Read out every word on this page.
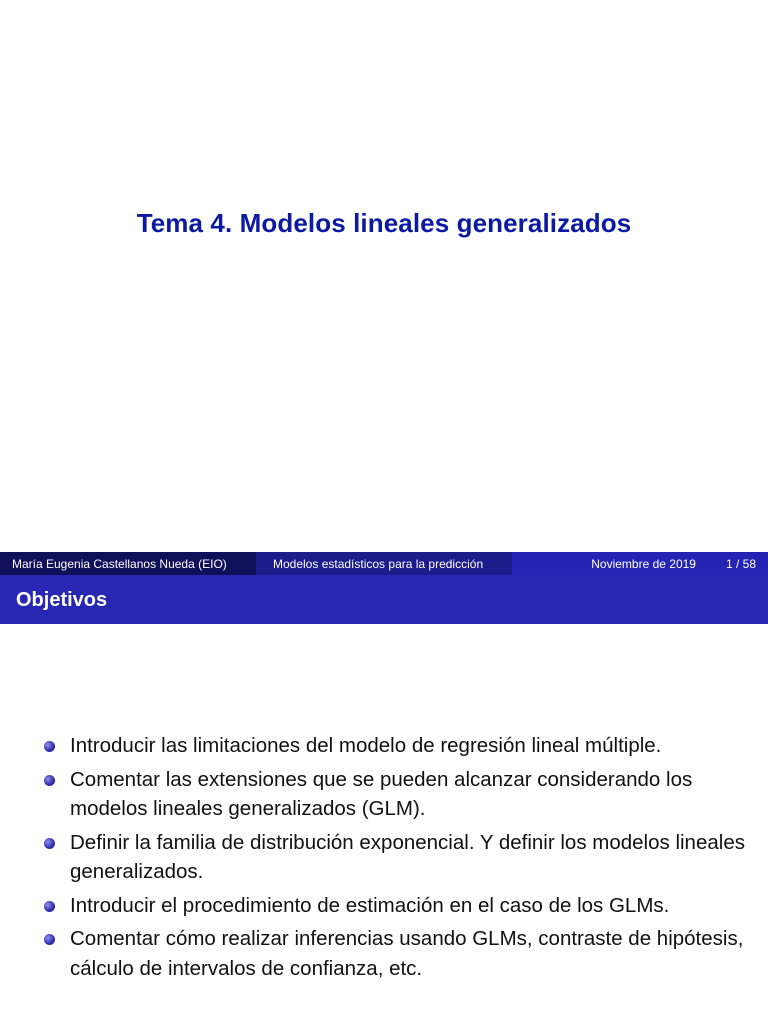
Tema 4. Modelos lineales generalizados
María Eugenia Castellanos Nueda (EIO)	Modelos estadísticos para la predicción	Noviembre de 2019	1 / 58
Objetivos
Introducir las limitaciones del modelo de regresión lineal múltiple.
Comentar las extensiones que se pueden alcanzar considerando los modelos lineales generalizados (GLM).
Definir la familia de distribución exponencial. Y definir los modelos lineales generalizados.
Introducir el procedimiento de estimación en el caso de los GLMs.
Comentar cómo realizar inferencias usando GLMs, contraste de hipótesis, cálculo de intervalos de confianza, etc.
